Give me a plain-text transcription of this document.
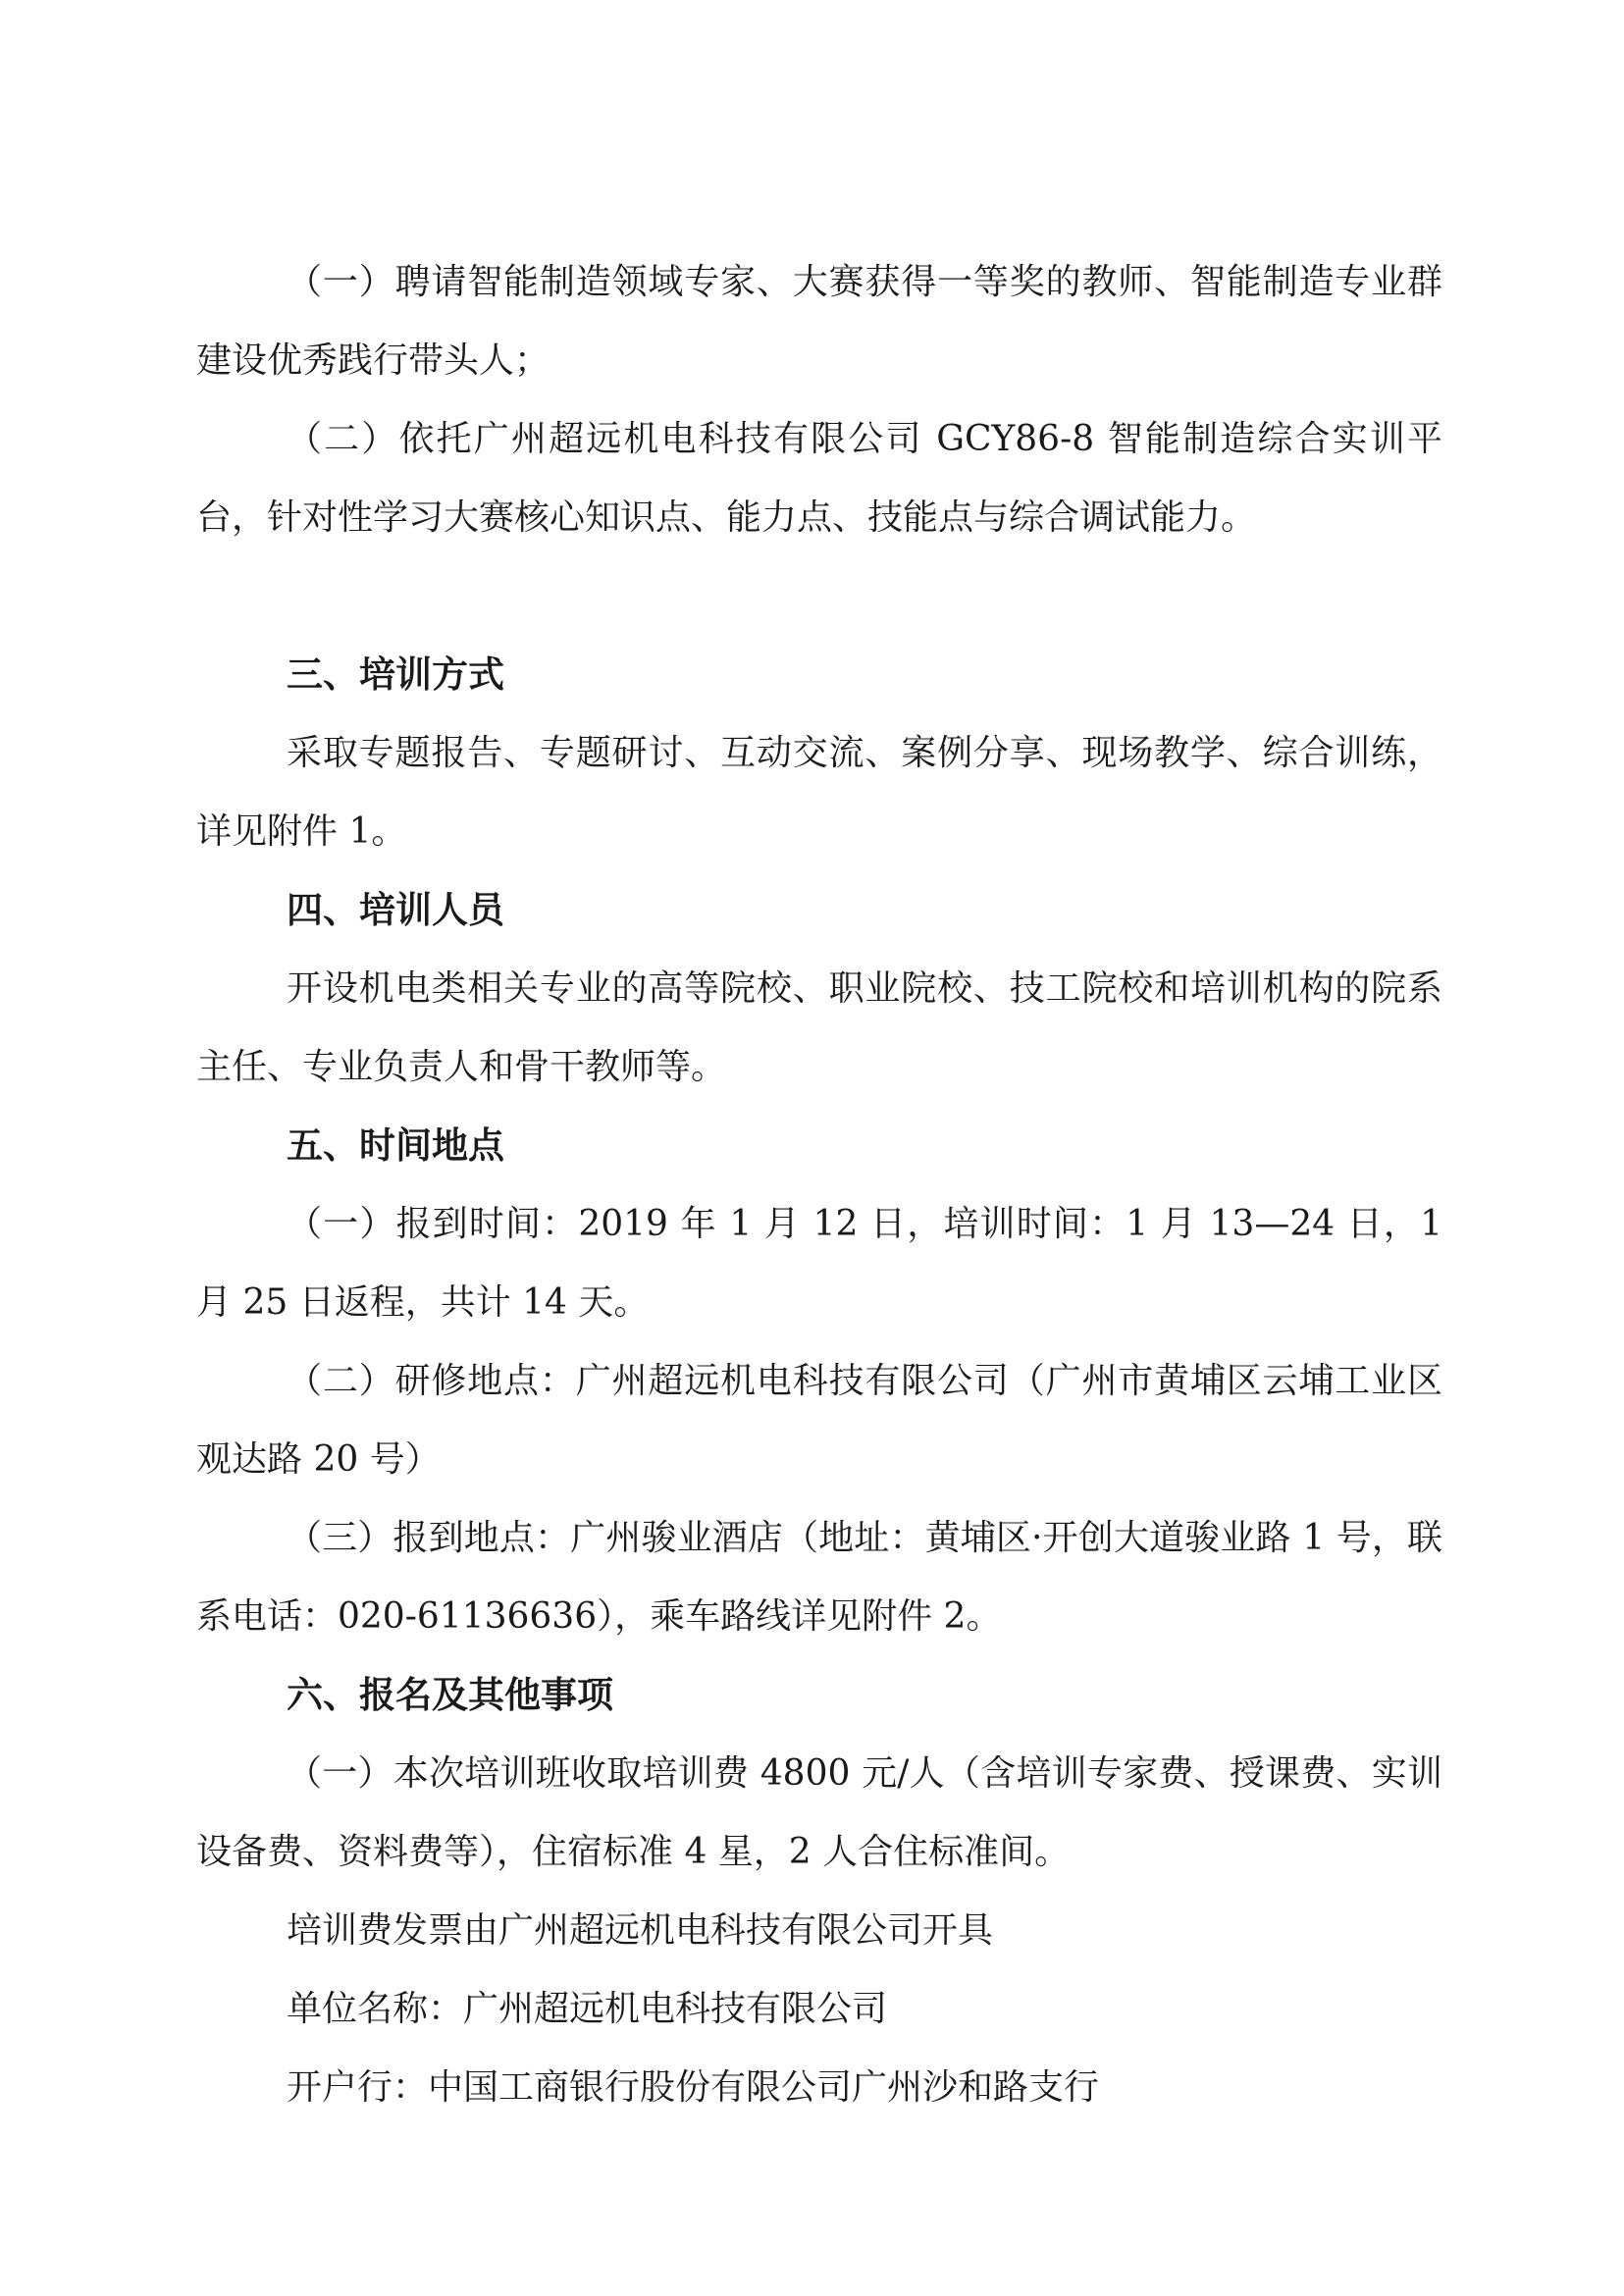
（一）聘请智能制造领域专家、大赛获得一等奖的教师、智能制造专业群建设优秀践行带头人；
（二）依托广州超远机电科技有限公司 GCY86-8 智能制造综合实训平台，针对性学习大赛核心知识点、能力点、技能点与综合调试能力。
三、培训方式
采取专题报告、专题研讨、互动交流、案例分享、现场教学、综合训练，详见附件 1。
四、培训人员
开设机电类相关专业的高等院校、职业院校、技工院校和培训机构的院系主任、专业负责人和骨干教师等。
五、时间地点
（一）报到时间：2019 年 1 月 12 日，培训时间：1 月 13—24 日，1 月 25 日返程，共计 14 天。
（二）研修地点：广州超远机电科技有限公司（广州市黄埔区云埔工业区观达路 20 号）
（三）报到地点：广州骏业酒店（地址：黄埔区·开创大道骏业路 1 号，联系电话：020-61136636），乘车路线详见附件 2。
六、报名及其他事项
（一）本次培训班收取培训费 4800 元/人（含培训专家费、授课费、实训设备费、资料费等），住宿标准 4 星，2 人合住标准间。
培训费发票由广州超远机电科技有限公司开具
单位名称：广州超远机电科技有限公司
开户行：中国工商银行股份有限公司广州沙和路支行
